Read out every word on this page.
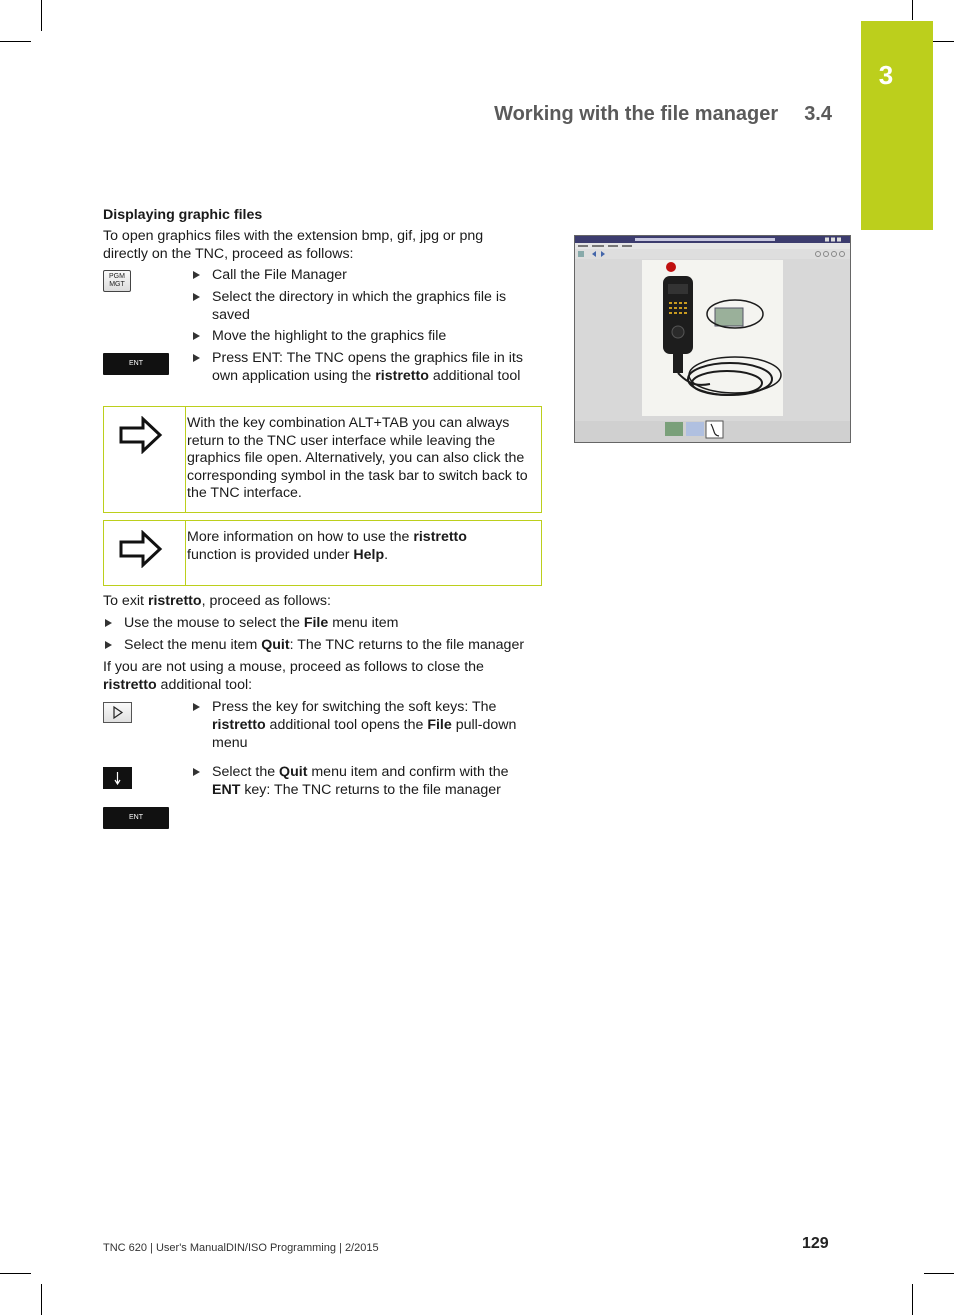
3
Working with the file manager 3.4
Displaying graphic files
To open graphics files with the extension bmp, gif, jpg or png directly on the TNC, proceed as follows:
PGM
MGT
ENT
Call the File Manager
Select the directory in which the graphics file is saved
Move the highlight to the graphics file
Press ENT: The TNC opens the graphics file in its own application using the ristretto additional tool
With the key combination ALT+TAB you can always return to the TNC user interface while leaving the graphics file open. Alternatively, you can also click the corresponding symbol in the task bar to switch back to the TNC interface.
More information on how to use the ristretto function is provided under Help.
To exit ristretto, proceed as follows:
Use the mouse to select the File menu item
Select the menu item Quit: The TNC returns to the file manager
If you are not using a mouse, proceed as follows to close the ristretto additional tool:
Press the key for switching the soft keys: The ristretto additional tool opens the File pull-down menu
Select the Quit menu item and confirm with the ENT key: The TNC returns to the file manager
ENT
TNC 620 | User's ManualDIN/ISO Programming | 2/2015	129
